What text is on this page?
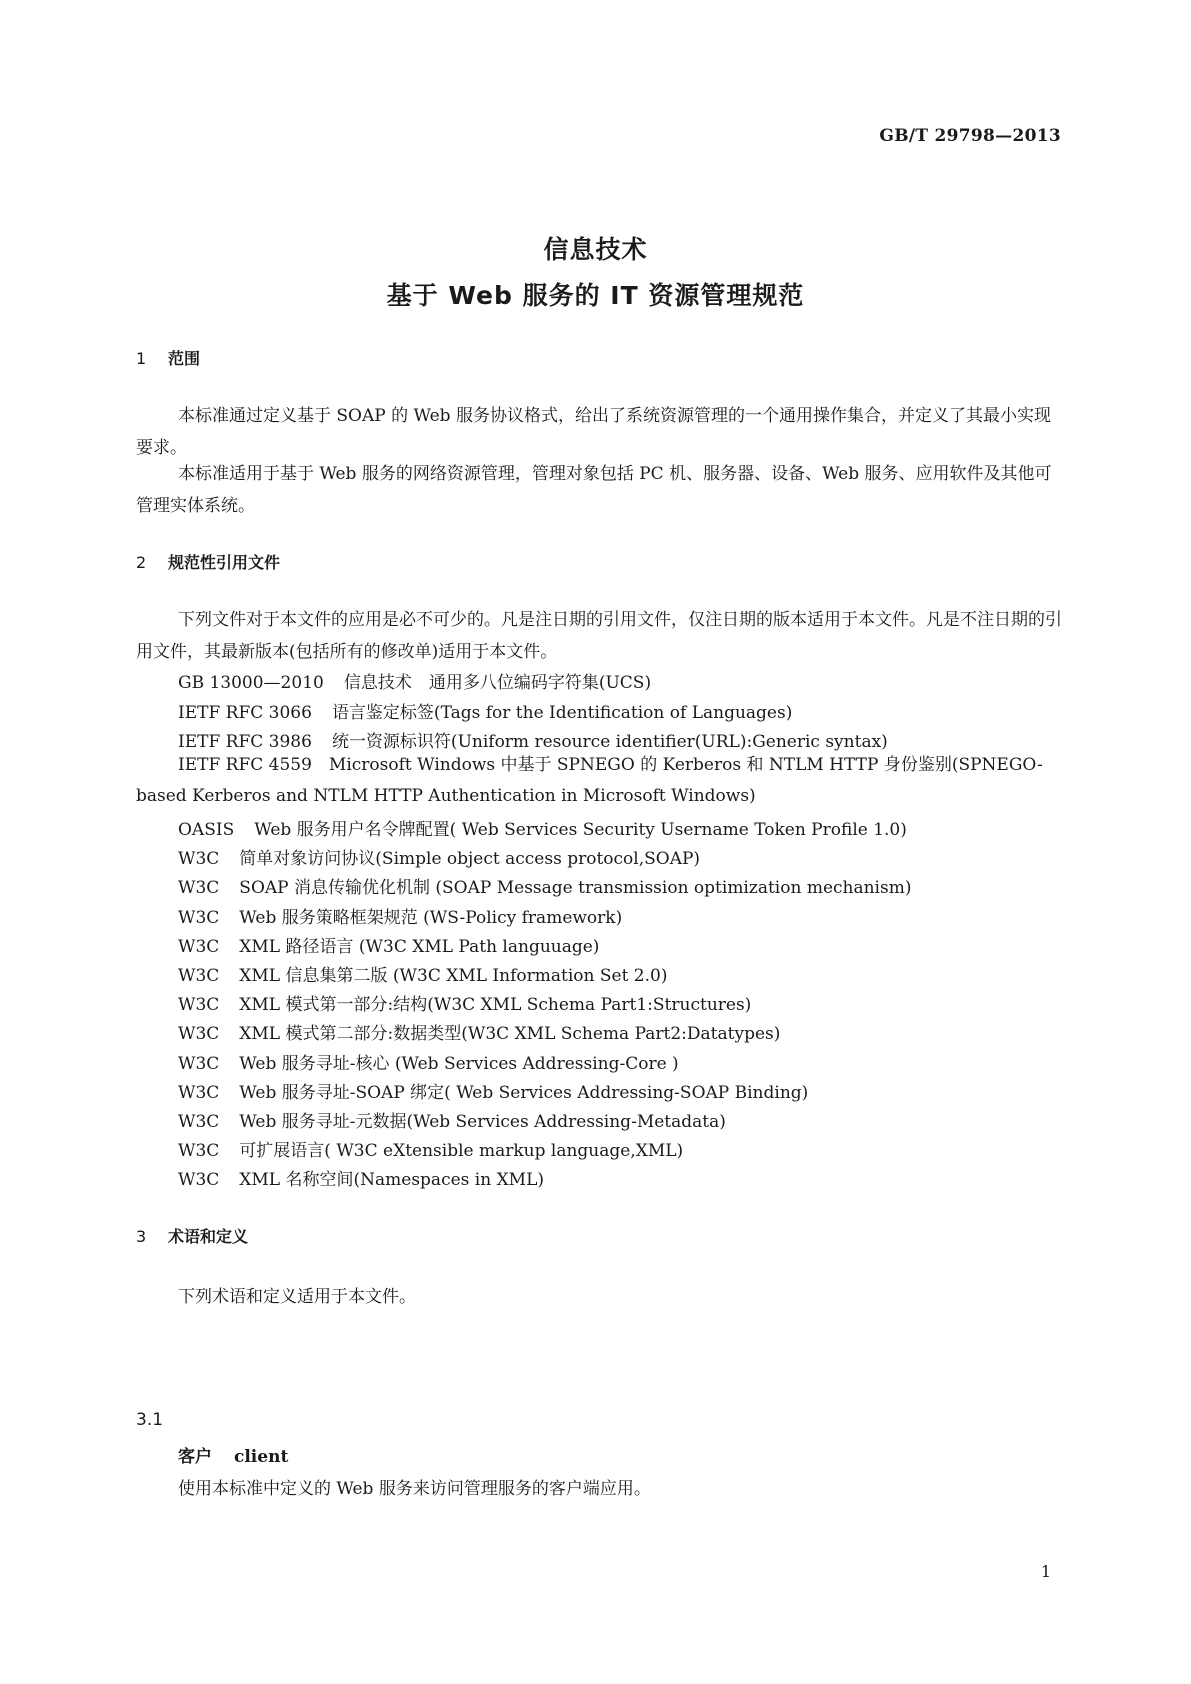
GB/T 29798—2013
信息技术
基于 Web 服务的 IT 资源管理规范
1 范围

本标准通过定义基于 SOAP 的 Web 服务协议格式，给出了系统资源管理的一个通用操作集合，并定义了其最小实现要求。

本标准适用于基于 Web 服务的网络资源管理，管理对象包括 PC 机、服务器、设备、Web 服务、应用软件及其他可管理实体系统。

2 规范性引用文件

下列文件对于本文件的应用是必不可少的。凡是注日期的引用文件，仅注日期的版本适用于本文件。凡是不注日期的引用文件，其最新版本(包括所有的修改单)适用于本文件。

GB 13000—2010 信息技术　通用多八位编码字符集(UCS)
IETF RFC 3066 语言鉴定标签(Tags for the Identification of Languages)
IETF RFC 3986 统一资源标识符(Uniform resource identifier(URL):Generic syntax)

IETF RFC 4559　Microsoft Windows 中基于 SPNEGO 的 Kerberos 和 NTLM HTTP 身份鉴别(SPNEGO-based Kerberos and NTLM HTTP Authentication in Microsoft Windows)

OASIS Web 服务用户名令牌配置( Web Services Security Username Token Profile 1.0)
W3C 简单对象访问协议(Simple object access protocol,SOAP)
W3C SOAP 消息传输优化机制 (SOAP Message transmission optimization mechanism)
W3C Web 服务策略框架规范 (WS-Policy framework)
W3C XML 路径语言 (W3C XML Path languuage)
W3C XML 信息集第二版 (W3C XML Information Set 2.0)
W3C XML 模式第一部分:结构(W3C XML Schema Part1:Structures)
W3C XML 模式第二部分:数据类型(W3C XML Schema Part2:Datatypes)
W3C Web 服务寻址-核心 (Web Services Addressing-Core )
W3C Web 服务寻址-SOAP 绑定( Web Services Addressing-SOAP Binding)
W3C Web 服务寻址-元数据(Web Services Addressing-Metadata)
W3C 可扩展语言( W3C eXtensible markup language,XML)
W3C XML 名称空间(Namespaces in XML)
3 术语和定义
下列术语和定义适用于本文件。
3.1
客户 client
使用本标准中定义的 Web 服务来访问管理服务的客户端应用。
1
